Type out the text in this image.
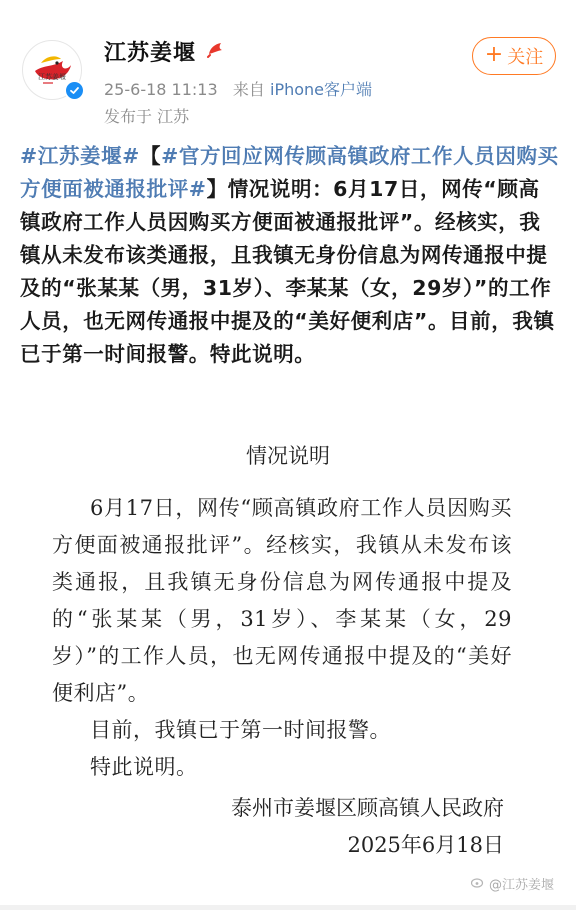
江苏姜堰
江苏姜堰
25-6-18 11:13 来自 iPhone客户端
发布于 江苏
+ 关注
#江苏姜堰#【#官方回应网传顾高镇政府工作人员因购买方便面被通报批评#】情况说明：6月17日，网传“顾高镇政府工作人员因购买方便面被通报批评”。经核实，我镇从未发布该类通报，且我镇无身份信息为网传通报中提及的“张某某（男，31岁）、李某某（女，29岁）”的工作人员，也无网传通报中提及的“美好便利店”。目前，我镇已于第一时间报警。特此说明。
情况说明

6月17日，网传“顾高镇政府工作人员因购买方便面被通报批评”。经核实，我镇从未发布该类通报，且我镇无身份信息为网传通报中提及的“张某某（男，31岁）、李某某（女，29岁）”的工作人员，也无网传通报中提及的“美好便利店”。

目前，我镇已于第一时间报警。

特此说明。

泰州市姜堰区顾高镇人民政府
2025年6月18日
@江苏姜堰
